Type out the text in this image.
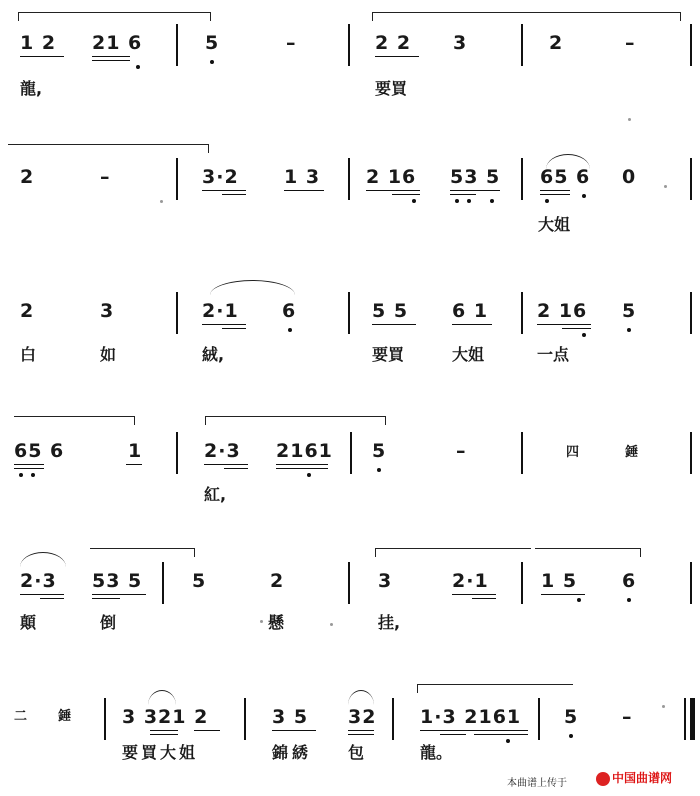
1 2 21 6	5	–	2 2 3	2	–
龍,	要買
2	–	3·2 1 3 2 16 53 5 65 6 0
大姐
2	3	2·1 6	5 5 6 1	2 16 5
白	如	絨,	要買	大姐	一点
65 6	1	2·3 2161 5	–	四	錘
紅,
2·3 53 5	5	2	3	2·1	1 5 6
顛	倒	懸	挂,
二 錘	3 321 2	3 5 32 1·3 2161 5 –
要買大姐	錦綉 包	龍。
本曲谱上传于	中国曲谱网
